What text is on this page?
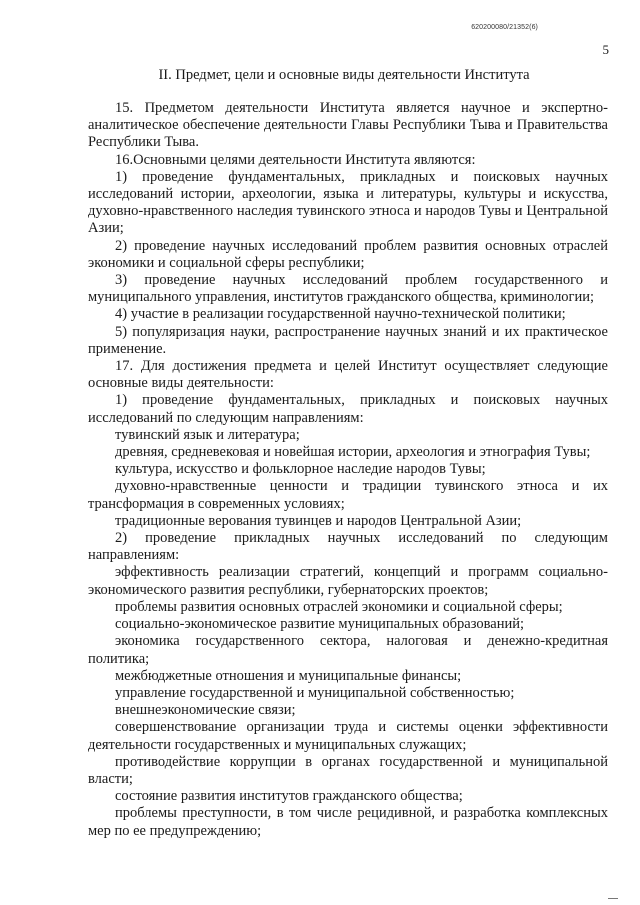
620200080/21352(6)
5
II. Предмет, цели и основные виды деятельности Института

15. Предметом деятельности Института является научное и экспертно-аналитическое обеспечение деятельности Главы Республики Тыва и Правительства Республики Тыва.

16.Основными целями деятельности Института являются:

1) проведение фундаментальных, прикладных и поисковых научных исследований истории, археологии, языка и литературы, культуры и искусства, духовно-нравственного наследия тувинского этноса и народов Тувы и Центральной Азии;

2) проведение научных исследований проблем развития основных отраслей экономики и социальной сферы республики;

3) проведение научных исследований проблем государственного и муниципального управления, институтов гражданского общества, криминологии;

4) участие в реализации государственной научно-технической политики;

5) популяризация науки, распространение научных знаний и их практическое применение.

17. Для достижения предмета и целей Институт осуществляет следующие основные виды деятельности:

1) проведение фундаментальных, прикладных и поисковых научных исследований по следующим направлениям:

тувинский язык и литература;

древняя, средневековая и новейшая истории, археология и этнография Тувы;

культура, искусство и фольклорное наследие народов Тувы;

духовно-нравственные ценности и традиции тувинского этноса и их трансформация в современных условиях;

традиционные верования тувинцев и народов Центральной Азии;

2) проведение прикладных научных исследований по следующим направлениям:

эффективность реализации стратегий, концепций и программ социально-экономического развития республики, губернаторских проектов;

проблемы развития основных отраслей экономики и социальной сферы;

социально-экономическое развитие муниципальных образований;

экономика государственного сектора, налоговая и денежно-кредитная политика;

межбюджетные отношения и муниципальные финансы;

управление государственной и муниципальной собственностью;

внешнеэкономические связи;

совершенствование организации труда и системы оценки эффективности деятельности государственных и муниципальных служащих;

противодействие коррупции в органах государственной и муниципальной власти;

состояние развития институтов гражданского общества;

проблемы преступности, в том числе рецидивной, и разработка комплексных мер по ее предупреждению;
